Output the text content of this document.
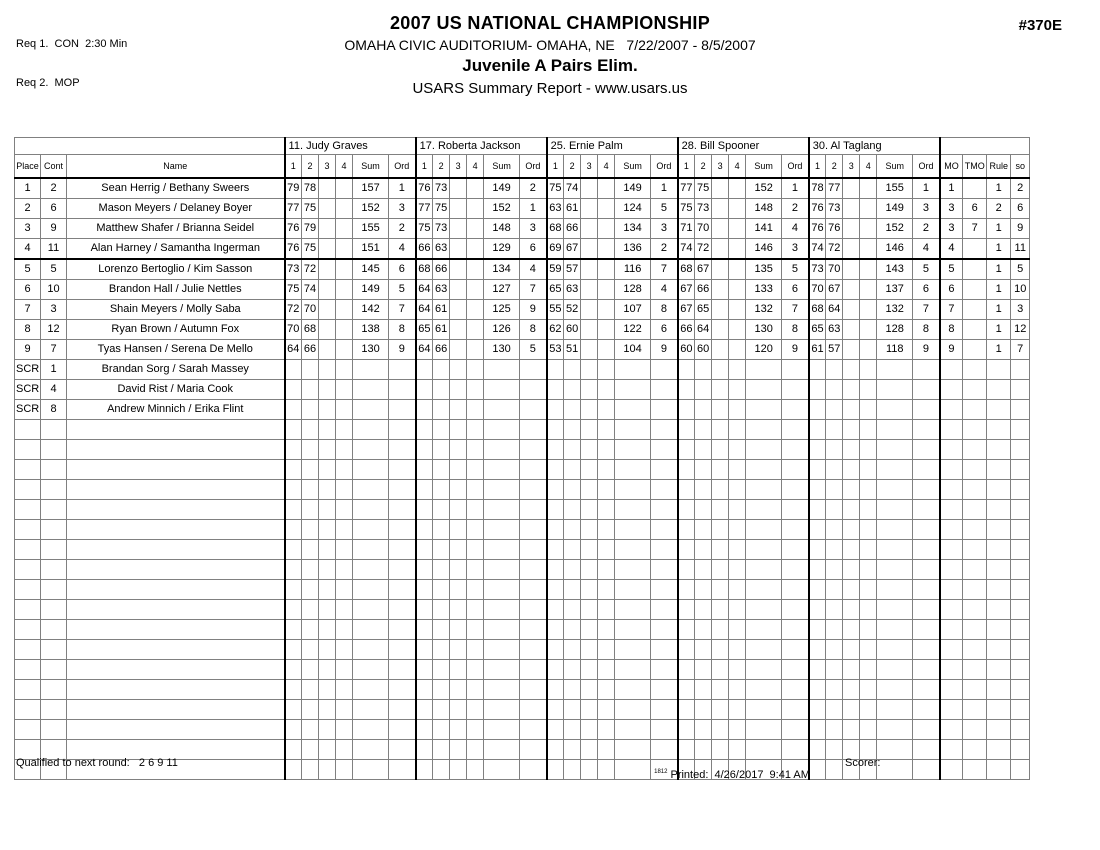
Req 1.  CON  2:30 Min

Req 2.  MOP

2007 US NATIONAL CHAMPIONSHIP
OMAHA CIVIC AUDITORIUM- OMAHA, NE   7/22/2007 - 8/5/2007
Juvenile A Pairs Elim.
USARS Summary Report - www.usars.us
#370E
			11. Judy Graves						17. Roberta Jackson						25. Ernie Palm						28. Bill Spooner						30. Al Taglang									
Place	Cont	Name	1	2	3	4	Sum	Ord	1	2	3	4	Sum	Ord	1	2	3	4	Sum	Ord	1	2	3	4	Sum	Ord	1	2	3	4	Sum	Ord	MO	TMO	Rule	so
1	2	Sean Herrig / Bethany Sweers	79	78			157	1	76	73			149	2	75	74			149	1	77	75			152	1	78	77			155	1	1		1	2
2	6	Mason Meyers / Delaney Boyer	77	75			152	3	77	75			152	1	63	61			124	5	75	73			148	2	76	73			149	3	3	6	2	6
3	9	Matthew Shafer / Brianna Seidel	76	79			155	2	75	73			148	3	68	66			134	3	71	70			141	4	76	76			152	2	3	7	1	9
4	11	Alan Harney / Samantha Ingerman	76	75			151	4	66	63			129	6	69	67			136	2	74	72			146	3	74	72			146	4	4		1	11
5	5	Lorenzo Bertoglio / Kim Sasson	73	72			145	6	68	66			134	4	59	57			116	7	68	67			135	5	73	70			143	5	5		1	5
6	10	Brandon Hall / Julie Nettles	75	74			149	5	64	63			127	7	65	63			128	4	67	66			133	6	70	67			137	6	6		1	10
7	3	Shain Meyers / Molly Saba	72	70			142	7	64	61			125	9	55	52			107	8	67	65			132	7	68	64			132	7	7		1	3
8	12	Ryan Brown / Autumn Fox	70	68			138	8	65	61			126	8	62	60			122	6	66	64			130	8	65	63			128	8	8		1	12
9	7	Tyas Hansen / Serena De Mello	64	66			130	9	64	66			130	5	53	51			104	9	60	60			120	9	61	57			118	9	9		1	7
SCR	1	Brandan Sorg / Sarah Massey																																		
SCR	4	David Rist / Maria Cook																																		
SCR	8	Andrew Minnich / Erika Flint																																		

Qualified to next round:   2 6 9 11

$^{1812}$ Printed:  4/26/2017  9:41 AM

Scorer:
